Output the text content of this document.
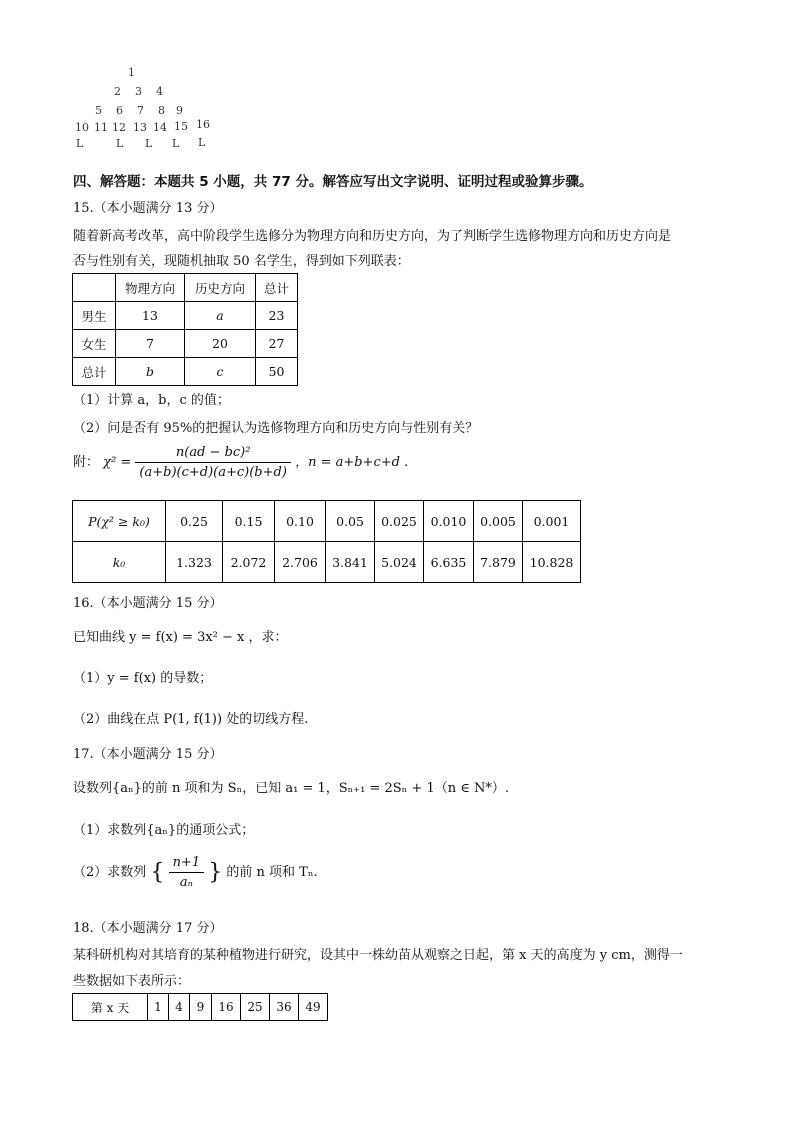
1
2 3 4
5 6 7 8 9
10 11 12 13 14 15 16
L	L L L L
四、解答题：本题共 5 小题，共 77 分。解答应写出文字说明、证明过程或验算步骤。
15.（本小题满分 13 分）
随着新高考改革，高中阶段学生选修分为物理方向和历史方向，为了判断学生选修物理方向和历史方向是
否与性别有关，现随机抽取 50 名学生，得到如下列联表：
	物理方向	历史方向	总计
男生	13	a	23
女生	7	20	27
总计	b	c	50
（1）计算 a，b，c 的值；
（2）问是否有 95%的把握认为选修物理方向和历史方向与性别有关？
附： $\chi^2 = \frac{\text{n(ad − bc)²}}{(a+b)(c+d)(a+c)(b+d)}$ ，n = a+b+c+d .
P(χ² ≥ k₀)	0.25	0.15	0.10	0.05	0.025	0.010	0.005	0.001
k₀	1.323	2.072	2.706	3.841	5.024	6.635	7.879	10.828
16.（本小题满分 15 分）
已知曲线 y = f(x) = 3x² − x ，求：
（1）y = f(x) 的导数；
（2）曲线在点 P(1, f(1)) 处的切线方程.
17.（本小题满分 15 分）
设数列{aₙ}的前 n 项和为 Sₙ，已知 a₁ = 1，Sₙ₊₁ = 2Sₙ + 1（n ∈ N*）.
（1）求数列{aₙ}的通项公式；
（2）求数列 { $\frac{n+1}{\text{aₙ}}$ } 的前 n 项和 Tₙ.
18.（本小题满分 17 分）
某科研机构对其培育的某种植物进行研究，设其中一株幼苗从观察之日起，第 x 天的高度为 y cm，测得一
些数据如下表所示：
第 x 天	1	4	9	16	25	36	49
